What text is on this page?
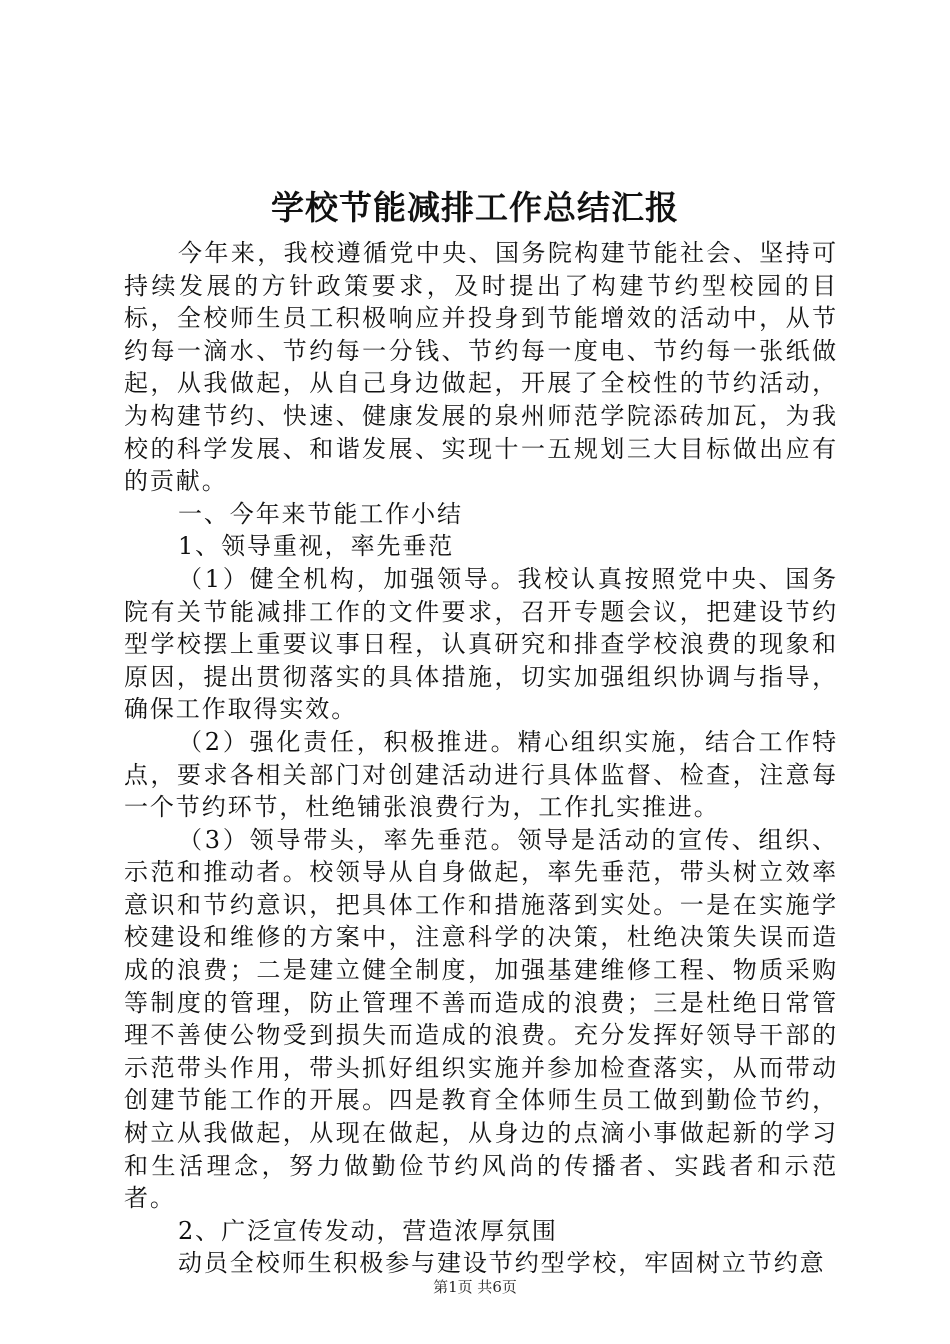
学校节能减排工作总结汇报

今年来，我校遵循党中央、国务院构建节能社会、坚持可持续发展的方针政策要求，及时提出了构建节约型校园的目标，全校师生员工积极响应并投身到节能增效的活动中，从节约每一滴水、节约每一分钱、节约每一度电、节约每一张纸做起，从我做起，从自己身边做起，开展了全校性的节约活动，为构建节约、快速、健康发展的泉州师范学院添砖加瓦，为我校的科学发展、和谐发展、实现十一五规划三大目标做出应有的贡献。

一、今年来节能工作小结

1、领导重视，率先垂范

（1）健全机构，加强领导。我校认真按照党中央、国务院有关节能减排工作的文件要求，召开专题会议，把建设节约型学校摆上重要议事日程，认真研究和排查学校浪费的现象和原因，提出贯彻落实的具体措施，切实加强组织协调与指导，确保工作取得实效。

（2）强化责任，积极推进。精心组织实施，结合工作特点，要求各相关部门对创建活动进行具体监督、检查，注意每一个节约环节，杜绝铺张浪费行为，工作扎实推进。

（3）领导带头，率先垂范。领导是活动的宣传、组织、示范和推动者。校领导从自身做起，率先垂范，带头树立效率意识和节约意识，把具体工作和措施落到实处。一是在实施学校建设和维修的方案中，注意科学的决策，杜绝决策失误而造成的浪费；二是建立健全制度，加强基建维修工程、物质采购等制度的管理，防止管理不善而造成的浪费；三是杜绝日常管理不善使公物受到损失而造成的浪费。充分发挥好领导干部的示范带头作用，带头抓好组织实施并参加检查落实，从而带动创建节能工作的开展。四是教育全体师生员工做到勤俭节约，树立从我做起，从现在做起，从身边的点滴小事做起新的学习和生活理念，努力做勤俭节约风尚的传播者、实践者和示范者。

2、广泛宣传发动，营造浓厚氛围

动员全校师生积极参与建设节约型学校，牢固树立节约意

第1页 共6页
